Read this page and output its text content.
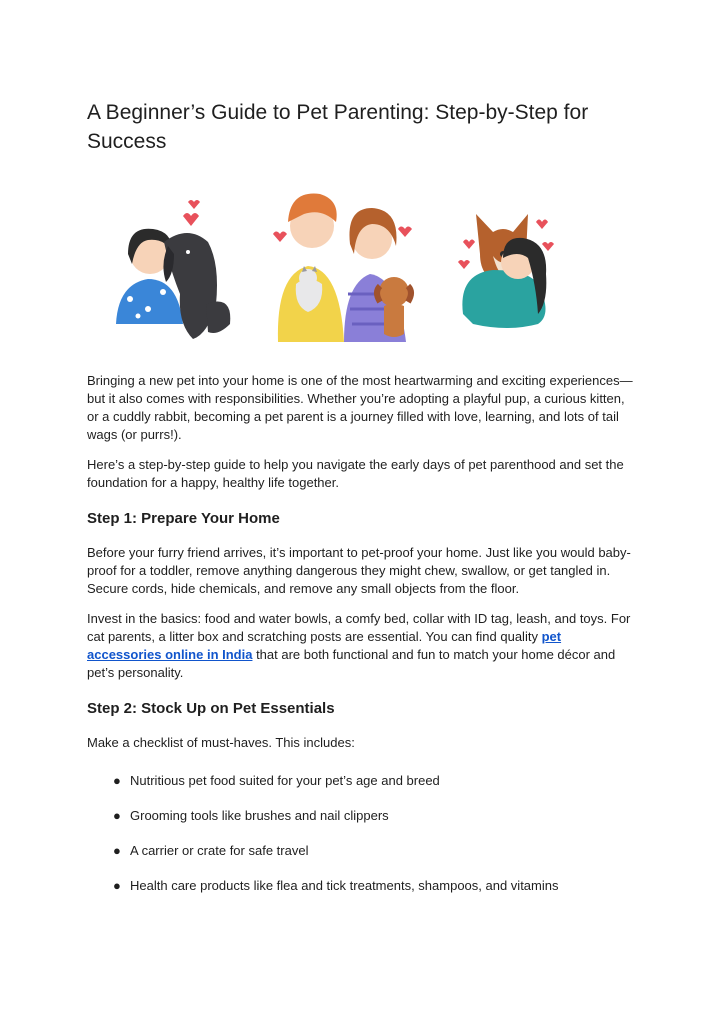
A Beginner’s Guide to Pet Parenting: Step-by-Step for Success

Bringing a new pet into your home is one of the most heartwarming and exciting experiences—but it also comes with responsibilities. Whether you’re adopting a playful pup, a curious kitten, or a cuddly rabbit, becoming a pet parent is a journey filled with love, learning, and lots of tail wags (or purrs!).

Here’s a step-by-step guide to help you navigate the early days of pet parenthood and set the foundation for a happy, healthy life together.

Step 1: Prepare Your Home

Before your furry friend arrives, it’s important to pet-proof your home. Just like you would baby-proof for a toddler, remove anything dangerous they might chew, swallow, or get tangled in. Secure cords, hide chemicals, and remove any small objects from the floor.

Invest in the basics: food and water bowls, a comfy bed, collar with ID tag, leash, and toys. For cat parents, a litter box and scratching posts are essential. You can find quality pet accessories online in India that are both functional and fun to match your home décor and pet’s personality.

Step 2: Stock Up on Pet Essentials

Make a checklist of must-haves. This includes:

● Nutritious pet food suited for your pet’s age and breed
● Grooming tools like brushes and nail clippers
● A carrier or crate for safe travel
● Health care products like flea and tick treatments, shampoos, and vitamins
